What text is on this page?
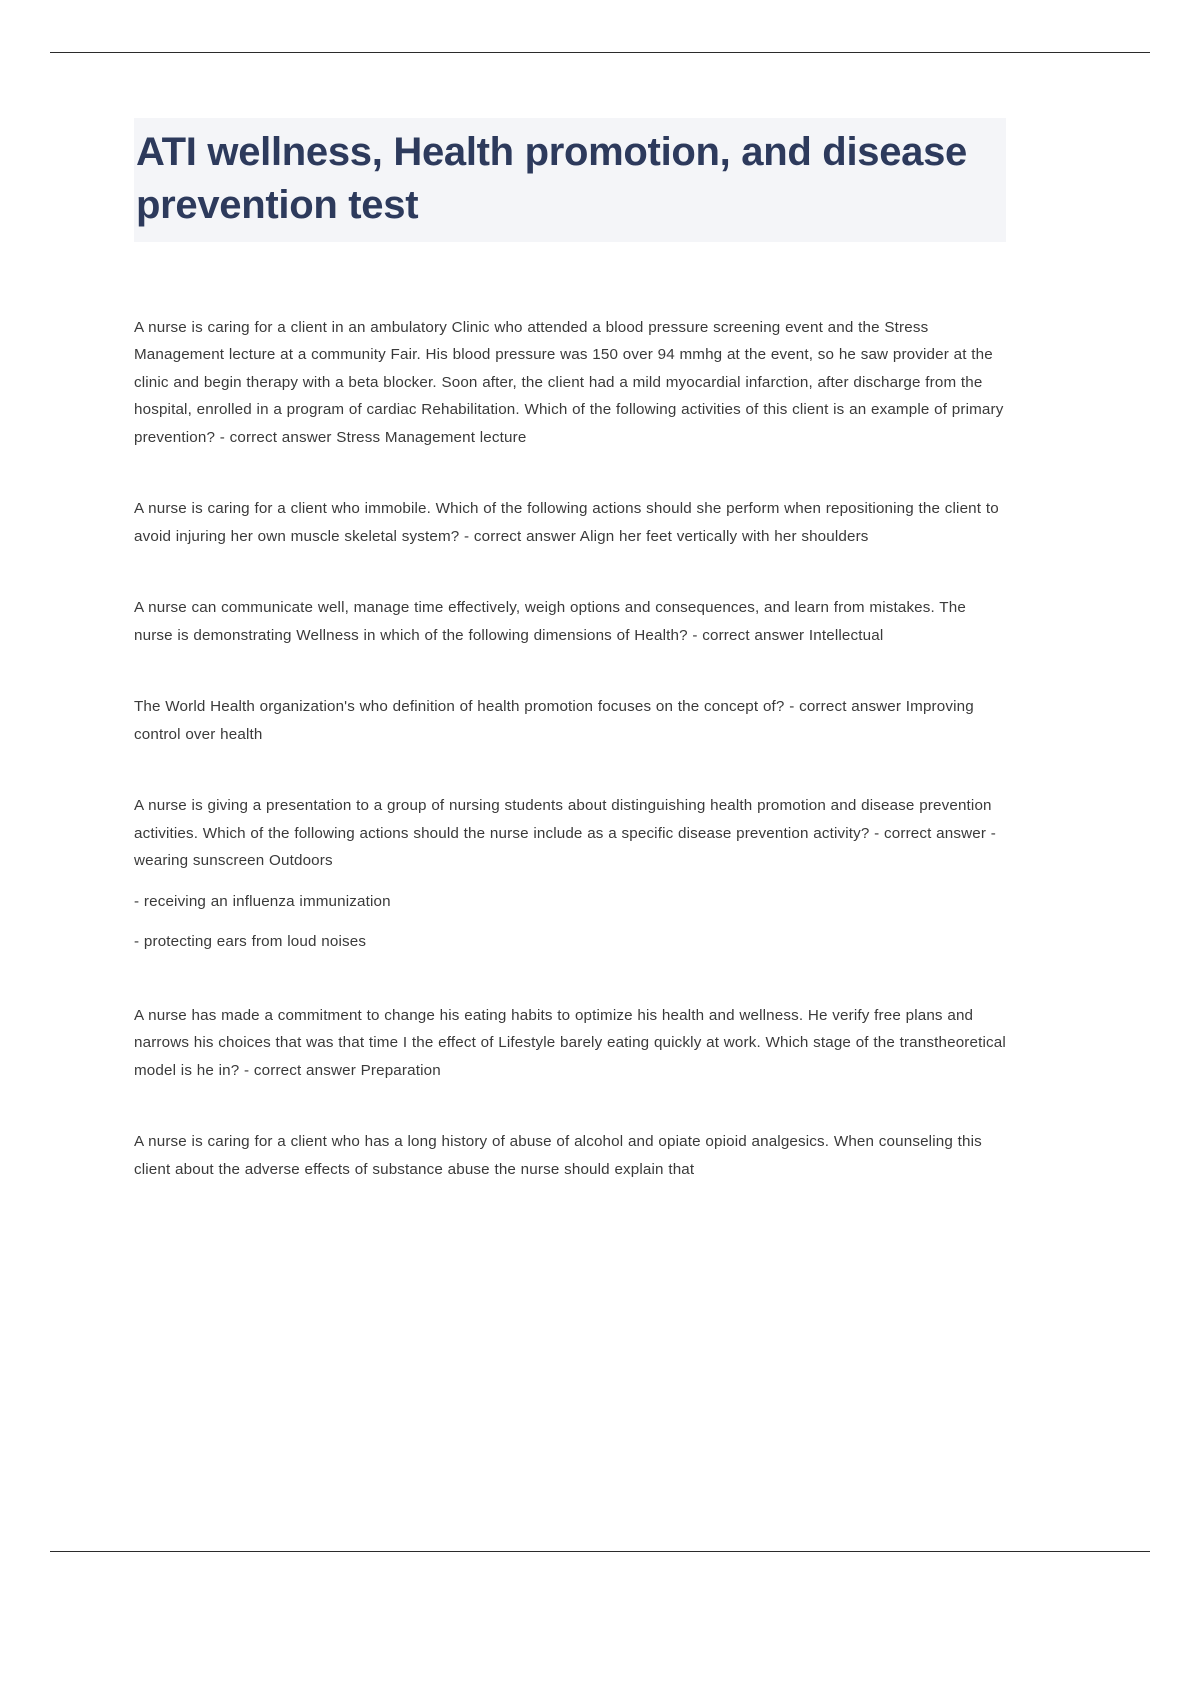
ATI wellness, Health promotion, and disease prevention test

A nurse is caring for a client in an ambulatory Clinic who attended a blood pressure screening event and the Stress Management lecture at a community Fair. His blood pressure was 150 over 94 mmhg at the event, so he saw provider at the clinic and begin therapy with a beta blocker. Soon after, the client had a mild myocardial infarction, after discharge from the hospital, enrolled in a program of cardiac Rehabilitation. Which of the following activities of this client is an example of primary prevention? - correct answer Stress Management lecture

A nurse is caring for a client who immobile. Which of the following actions should she perform when repositioning the client to avoid injuring her own muscle skeletal system? - correct answer Align her feet vertically with her shoulders

A nurse can communicate well, manage time effectively, weigh options and consequences, and learn from mistakes. The nurse is demonstrating Wellness in which of the following dimensions of Health? - correct answer Intellectual

The World Health organization's who definition of health promotion focuses on the concept of? - correct answer Improving control over health

A nurse is giving a presentation to a group of nursing students about distinguishing health promotion and disease prevention activities. Which of the following actions should the nurse include as a specific disease prevention activity? - correct answer - wearing sunscreen Outdoors

- receiving an influenza immunization

- protecting ears from loud noises

A nurse has made a commitment to change his eating habits to optimize his health and wellness. He verify free plans and narrows his choices that was that time I the effect of Lifestyle barely eating quickly at work. Which stage of the transtheoretical model is he in? - correct answer Preparation

A nurse is caring for a client who has a long history of abuse of alcohol and opiate opioid analgesics. When counseling this client about the adverse effects of substance abuse the nurse should explain that
